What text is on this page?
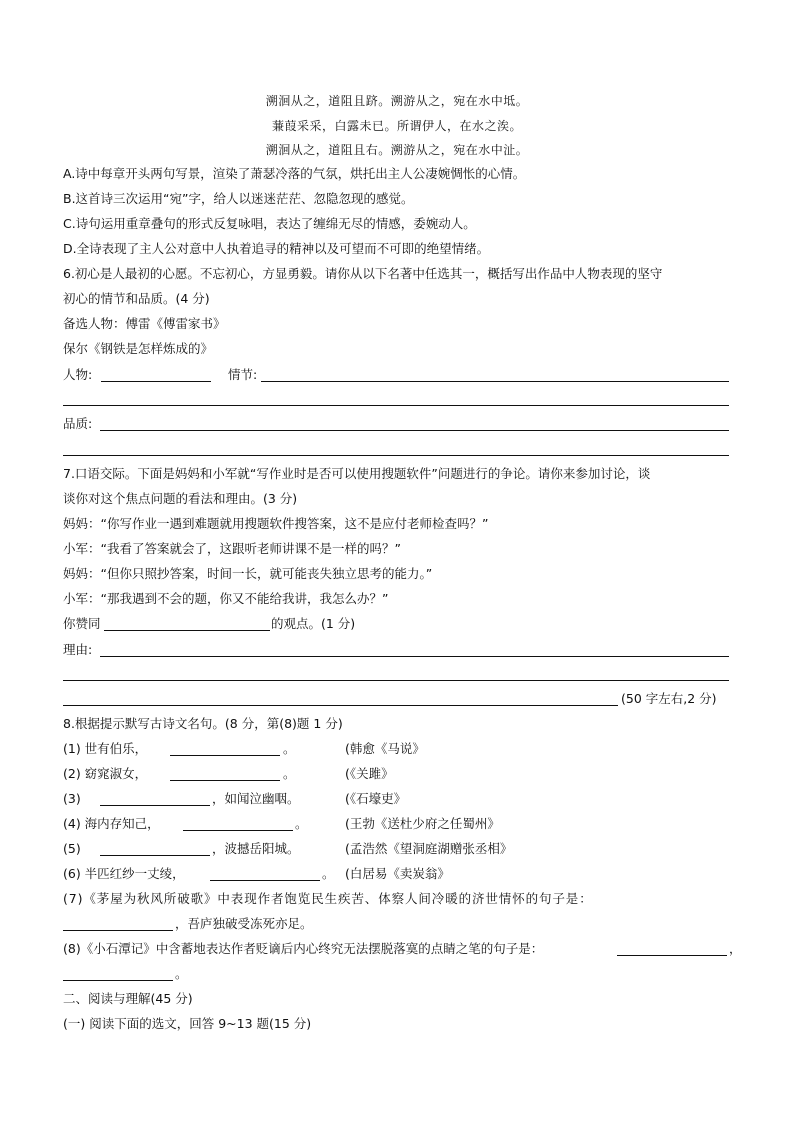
溯洄从之，道阻且跻。溯游从之，宛在水中坻。
蒹葭采采，白露未已。所谓伊人，在水之涘。
溯洄从之，道阻且右。溯游从之，宛在水中沚。
A.诗中每章开头两句写景，渲染了萧瑟冷落的气氛，烘托出主人公凄婉惆怅的心情。
B.这首诗三次运用“宛”字，给人以迷迷茫茫、忽隐忽现的感觉。
C.诗句运用重章叠句的形式反复咏唱，表达了缠绵无尽的情感，委婉动人。
D.全诗表现了主人公对意中人执着追寻的精神以及可望而不可即的绝望情绪。
6.初心是人最初的心愿。不忘初心，方显勇毅。请你从以下名著中任选其一，概括写出作品中人物表现的坚守
初心的情节和品质。(4 分)
备选人物：傅雷《傅雷家书》
保尔《钢铁是怎样炼成的》
人物:	情节:
品质:
7.口语交际。下面是妈妈和小军就“写作业时是否可以使用搜题软件”问题进行的争论。请你来参加讨论，谈
谈你对这个焦点问题的看法和理由。(3 分)
妈妈：“你写作业一遇到难题就用搜题软件搜答案，这不是应付老师检查吗？”
小军：“我看了答案就会了，这跟听老师讲课不是一样的吗？”
妈妈：“但你只照抄答案，时间一长，就可能丧失独立思考的能力。”
小军：“那我遇到不会的题，你又不能给我讲，我怎么办？”
你赞同	的观点。(1 分)
理由:
(50 字左右,2 分)
8.根据提示默写古诗文名句。(8 分，第(8)题 1 分)
(1) 世有伯乐，	。	(韩愈《马说》
(2) 窈窕淑女，	。	(《关雎》
(3)	，如闻泣幽咽。	(《石壕吏》
(4) 海内存知己，	。	(王勃《送杜少府之任蜀州》
(5)	，波撼岳阳城。	(孟浩然《望洞庭湖赠张丞相》
(6) 半匹红纱一丈绫，	。 (白居易《卖炭翁》
(7)《茅屋为秋风所破歌》中表现作者饱览民生疾苦、体察人间冷暖的济世情怀的句子是：
，吾庐独破受冻死亦足。
(8)《小石潭记》中含蓄地表达作者贬谪后内心终究无法摆脱落寞的点睛之笔的句子是：	，
。
二、阅读与理解(45 分)
(一) 阅读下面的选文，回答 9~13 题(15 分)
